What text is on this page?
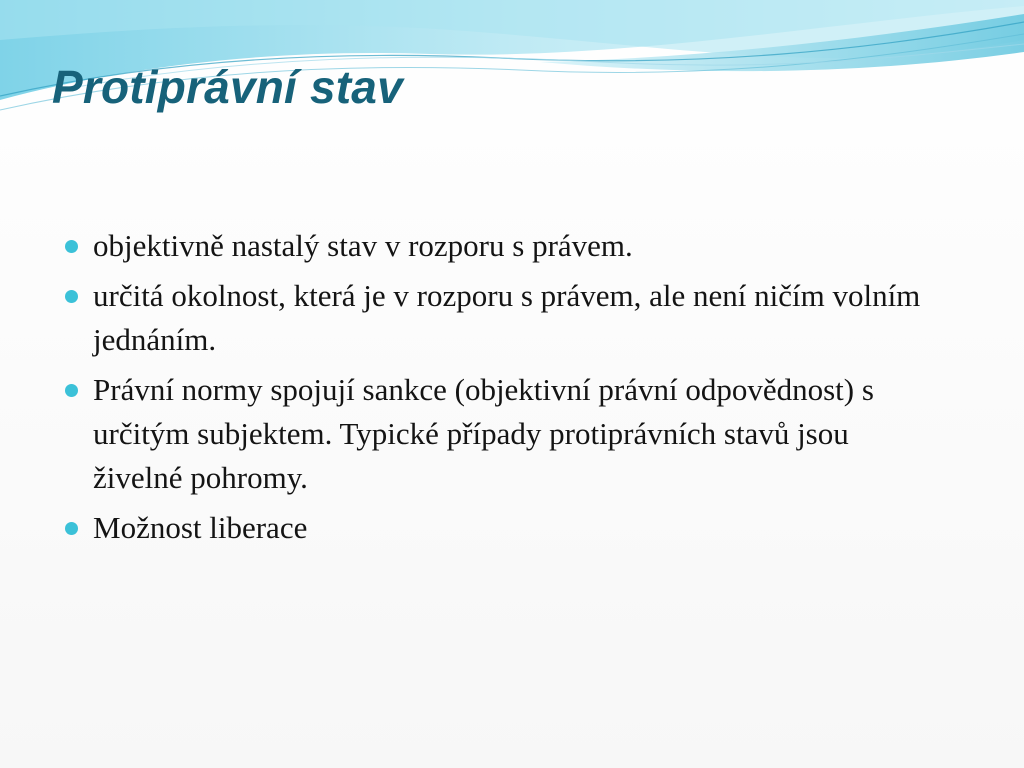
Protiprávní stav
objektivně nastalý stav v rozporu s právem.
určitá okolnost, která je v rozporu s právem, ale není ničím volním jednáním.
Právní normy spojují sankce (objektivní právní odpovědnost) s určitým subjektem. Typické případy protiprávních stavů jsou živelné pohromy.
Možnost liberace
